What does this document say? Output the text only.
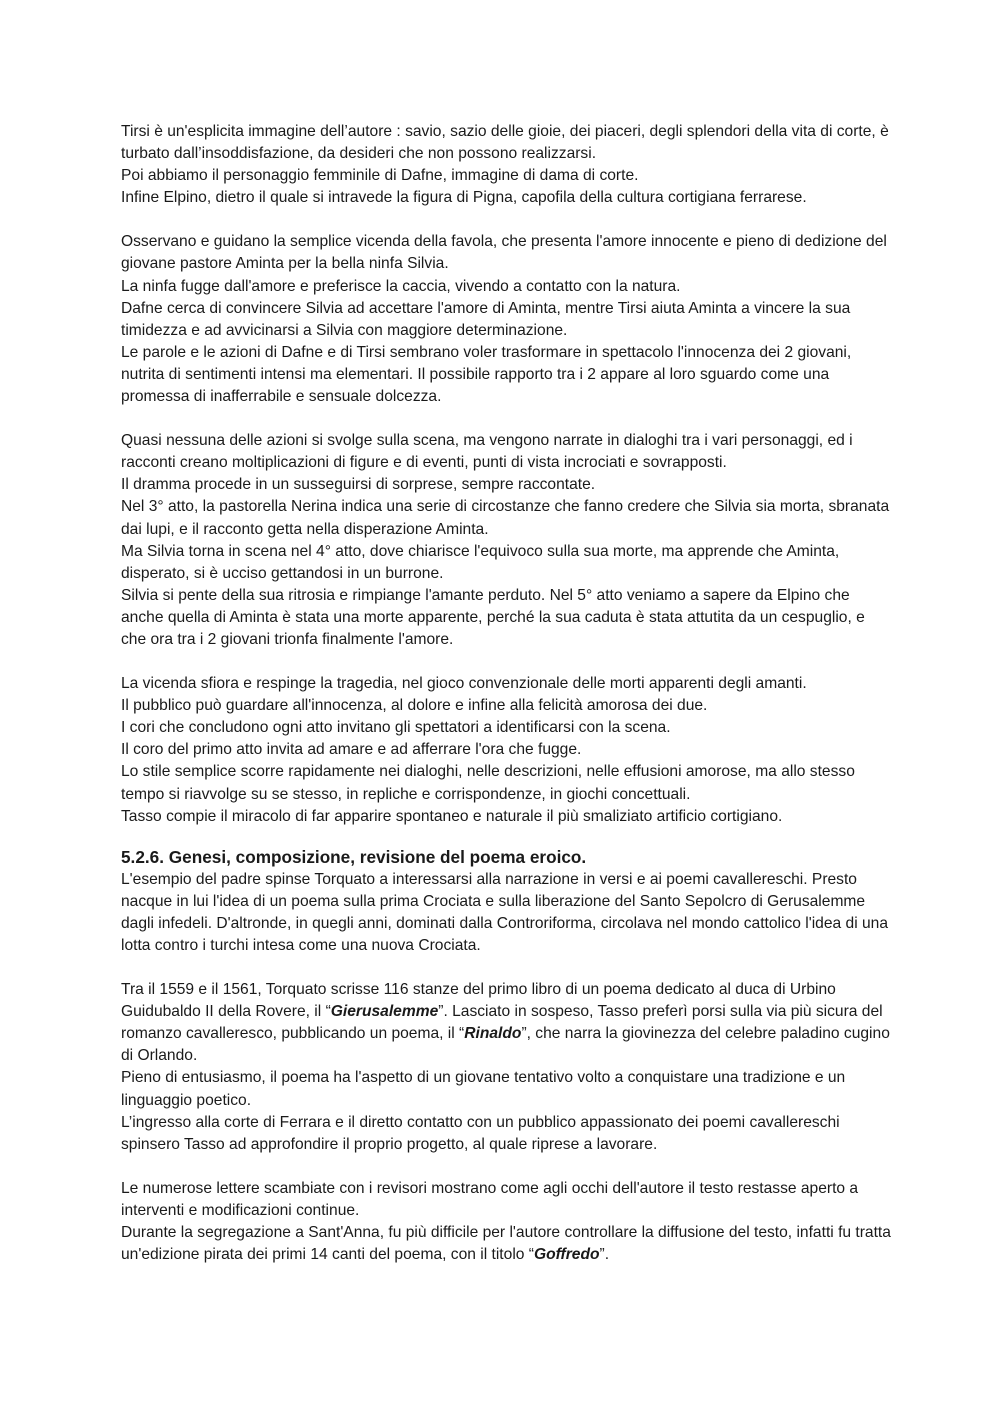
Tirsi è un'esplicita immagine dell’autore : savio, sazio delle gioie, dei piaceri, degli splendori della vita di corte, è turbato dall’insoddisfazione, da desideri che non possono realizzarsi.

Poi abbiamo il personaggio femminile di Dafne, immagine di dama di corte.

Infine Elpino, dietro il quale si intravede la figura di Pigna, capofila della cultura cortigiana ferrarese.

Osservano e guidano la semplice vicenda della favola, che presenta l'amore innocente e pieno di dedizione del giovane pastore Aminta per la bella ninfa Silvia.

La ninfa fugge dall'amore e preferisce la caccia, vivendo a contatto con la natura.

Dafne cerca di convincere Silvia ad accettare l'amore di Aminta, mentre Tirsi aiuta Aminta a vincere la sua timidezza e ad avvicinarsi a Silvia con maggiore determinazione.

Le parole e le azioni di Dafne e di Tirsi sembrano voler trasformare in spettacolo l'innocenza dei 2 giovani, nutrita di sentimenti intensi ma elementari. Il possibile rapporto tra i 2 appare al loro sguardo come una promessa di inafferrabile e sensuale dolcezza.

Quasi nessuna delle azioni si svolge sulla scena, ma vengono narrate in dialoghi tra i vari personaggi, ed i racconti creano moltiplicazioni di figure e di eventi, punti di vista incrociati e sovrapposti.

Il dramma procede in un susseguirsi di sorprese, sempre raccontate.

Nel 3° atto, la pastorella Nerina indica una serie di circostanze che fanno credere che Silvia sia morta, sbranata dai lupi, e il racconto getta nella disperazione Aminta.

Ma Silvia torna in scena nel 4° atto, dove chiarisce l'equivoco sulla sua morte, ma apprende che Aminta, disperato, si è ucciso gettandosi in un burrone.

Silvia si pente della sua ritrosia e rimpiange l'amante perduto. Nel 5° atto veniamo a sapere da Elpino che anche quella di Aminta è stata una morte apparente, perché la sua caduta è stata attutita da un cespuglio, e che ora tra i 2 giovani trionfa finalmente l'amore.

La vicenda sfiora e respinge la tragedia, nel gioco convenzionale delle morti apparenti degli amanti.

Il pubblico può guardare all'innocenza, al dolore e infine alla felicità amorosa dei due.

I cori che concludono ogni atto invitano gli spettatori a identificarsi con la scena.

Il coro del primo atto invita ad amare e ad afferrare l'ora che fugge.

Lo stile semplice scorre rapidamente nei dialoghi, nelle descrizioni, nelle effusioni amorose, ma allo stesso tempo si riavvolge su se stesso, in repliche e corrispondenze, in giochi concettuali.

Tasso compie il miracolo di far apparire spontaneo e naturale il più smaliziato artificio cortigiano.

5.2.6. Genesi, composizione, revisione del poema eroico.

L'esempio del padre spinse Torquato a interessarsi alla narrazione in versi e ai poemi cavallereschi. Presto nacque in lui l'idea di un poema sulla prima Crociata e sulla liberazione del Santo Sepolcro di Gerusalemme dagli infedeli. D'altronde, in quegli anni, dominati dalla Controriforma, circolava nel mondo cattolico l'idea di una lotta contro i turchi intesa come una nuova Crociata.

Tra il 1559 e il 1561, Torquato scrisse 116 stanze del primo libro di un poema dedicato al duca di Urbino Guidubaldo II della Rovere, il “Gierusalemme”. Lasciato in sospeso, Tasso preferì porsi sulla via più sicura del romanzo cavalleresco, pubblicando un poema, il “Rinaldo”, che narra la giovinezza del celebre paladino cugino di Orlando.

Pieno di entusiasmo, il poema ha l'aspetto di un giovane tentativo volto a conquistare una tradizione e un linguaggio poetico.

L’ingresso alla corte di Ferrara e il diretto contatto con un pubblico appassionato dei poemi cavallereschi spinsero Tasso ad approfondire il proprio progetto, al quale riprese a lavorare.

Le numerose lettere scambiate con i revisori mostrano come agli occhi dell'autore il testo restasse aperto a interventi e modificazioni continue.

Durante la segregazione a Sant'Anna, fu più difficile per l'autore controllare la diffusione del testo, infatti fu tratta un'edizione pirata dei primi 14 canti del poema, con il titolo “Goffredo”.
